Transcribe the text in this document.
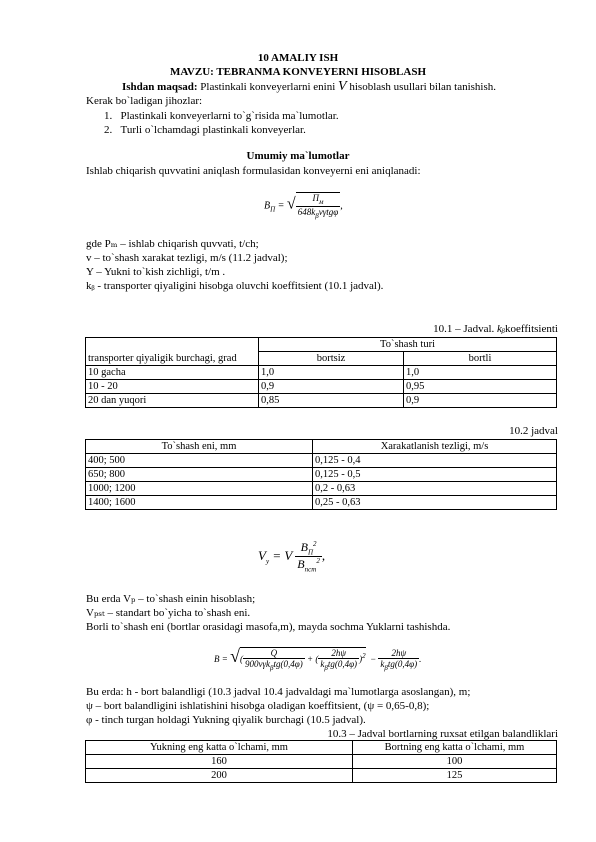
10 AMALIY ISH
MAVZU: TEBRANMA KONVEYERNI HISOBLASH
Ishdan maqsad: Plastinkali konveyerlarni enini V hisoblash usullari bilan tanishish.
Kerak bo`ladigan jihozlar:
1.   Plastinkali konveyerlarni to`g`risida ma`lumotlar.
2.   Turli o`lchamdagi plastinkali konveyerlar.
Umumiy ma`lumotlar
Ishlab chiqarish quvvatini aniqlash formulasidan konveyerni eni aniqlanadi:
$B_П$ = √ $\frac{П_м}{648k_\beta v\gamma tg\varphi}$ ,
gde Pₘ – ishlab chiqarish quvvati, t/ch;
v – to`shash xarakat tezligi, m/s (11.2 jadval);
Y – Yukni to`kish zichligi, t/m .
kᵦ - transporter qiyaligini hisobga oluvchi koeffitsient (10.1 jadval).
10.1 – Jadval. kᵦkoeffitsienti
transporter qiyaligik burchagi, grad	To`shash turi	
	bortsiz	bortli
10 gacha	1,0	1,0
10 - 20	0,9	0,95
20 dan yuqori	0,85	0,9
10.2 jadval
To`shash eni, mm	Xarakatlanish tezligi, m/s
400; 500	0,125 - 0,4
650; 800	0,125 - 0,5
1000; 1200	0,2 - 0,63
1400; 1600	0,25 - 0,63
$V_у = V \frac{B_П^2}{B_{пст}^2}$ ,
Bu erda Vₚ – to`shash einin hisoblash;
Vₚₛₜ – standart bo`yicha to`shash eni.
Borli to`shash eni (bortlar orasidagi masofa,m), mayda sochma Yuklarni tashishda.
B = √( $\frac{Q}{900v\gamma k_\beta tg(0,4\varphi)}$ + ( $\frac{2h\psi}{k_\beta tg(0,4\varphi)} )^2 - \frac{2h\psi}{k_\beta tg(0,4\varphi)}$ .
Bu erda: h - bort balandligi (10.3 jadval 10.4 jadvaldagi ma`lumotlarga asoslangan), m;
ψ – bort balandligini ishlatishini hisobga oladigan koeffitsient, (ψ = 0,65-0,8);
φ - tinch turgan holdagi Yukning qiyalik burchagi (10.5 jadval).
10.3 – Jadval bortlarning ruxsat etilgan balandliklari
Yukning eng katta o`lchami, mm	Bortning eng katta o`lchami, mm
160	100
200	125
